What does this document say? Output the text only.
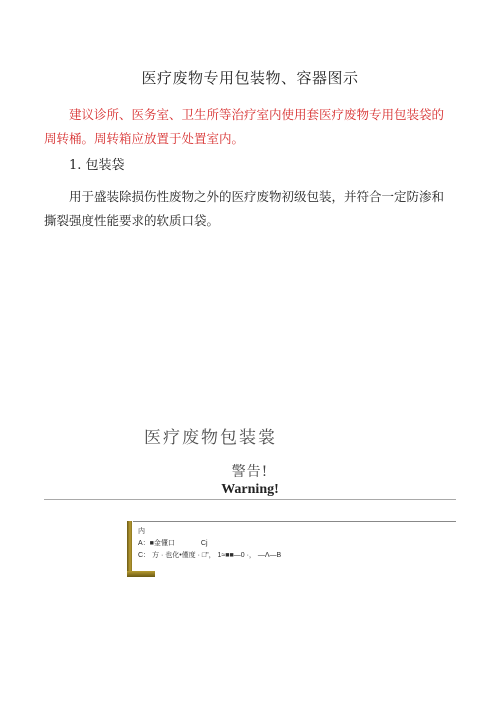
医疗废物专用包装物、容器图示
建议诊所、医务室、卫生所等治疗室内使用套医疗废物专用包装袋的周转桶。周转箱应放置于处置室内。
1. 包装袋
用于盛装除损伤性废物之外的医疗废物初级包装，并符合一定防渗和撕裂强度性能要求的软质口袋。
医疗废物包装裳
警告!
Warning!
内
A：■金懂口	Cj
C： 方 · 也化•僅度 · □"， 1≈■■—0 ·， —Λ—B
